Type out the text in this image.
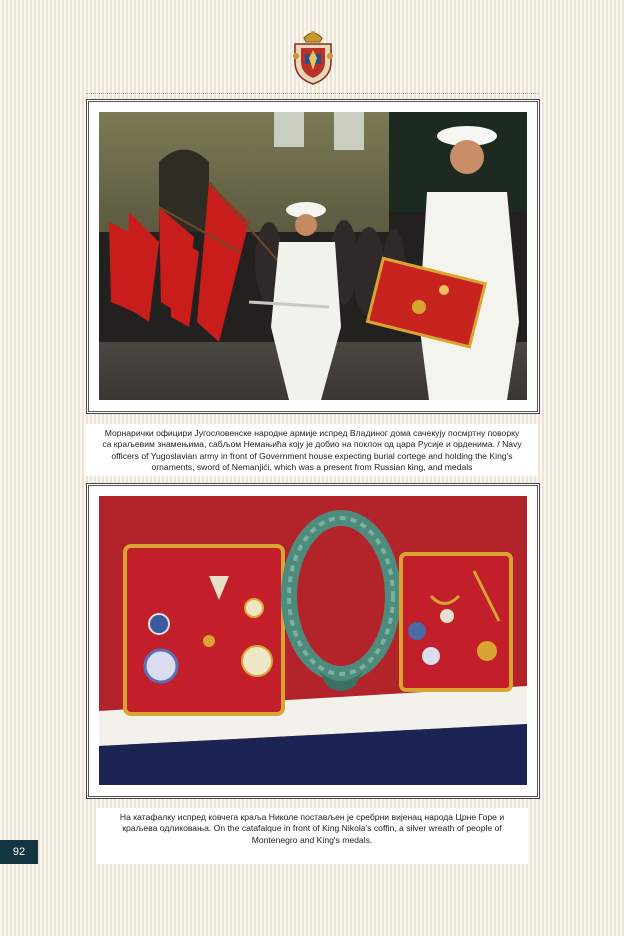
Морнарички официри Југословенске народне армије испред Владиног дома сачекују посмртну поворку са краљевим знамењима, сабљом Немањића коју је добио на поклон од цара Русије и орденима. / Navy officers of Yugoslavian army in front of Government house expecting burial cortege and holding the King's ornaments, sword of Nemanjići, which was a present from Russian king, and medals

На катафалку испред ковчега краља Николе постављен је сребрни вијенац народа Црне Горе и краљева одликовања. On the catafalque in front of King Nikola's coffin, a silver wreath of people of Montenegro and King's medals.

92
